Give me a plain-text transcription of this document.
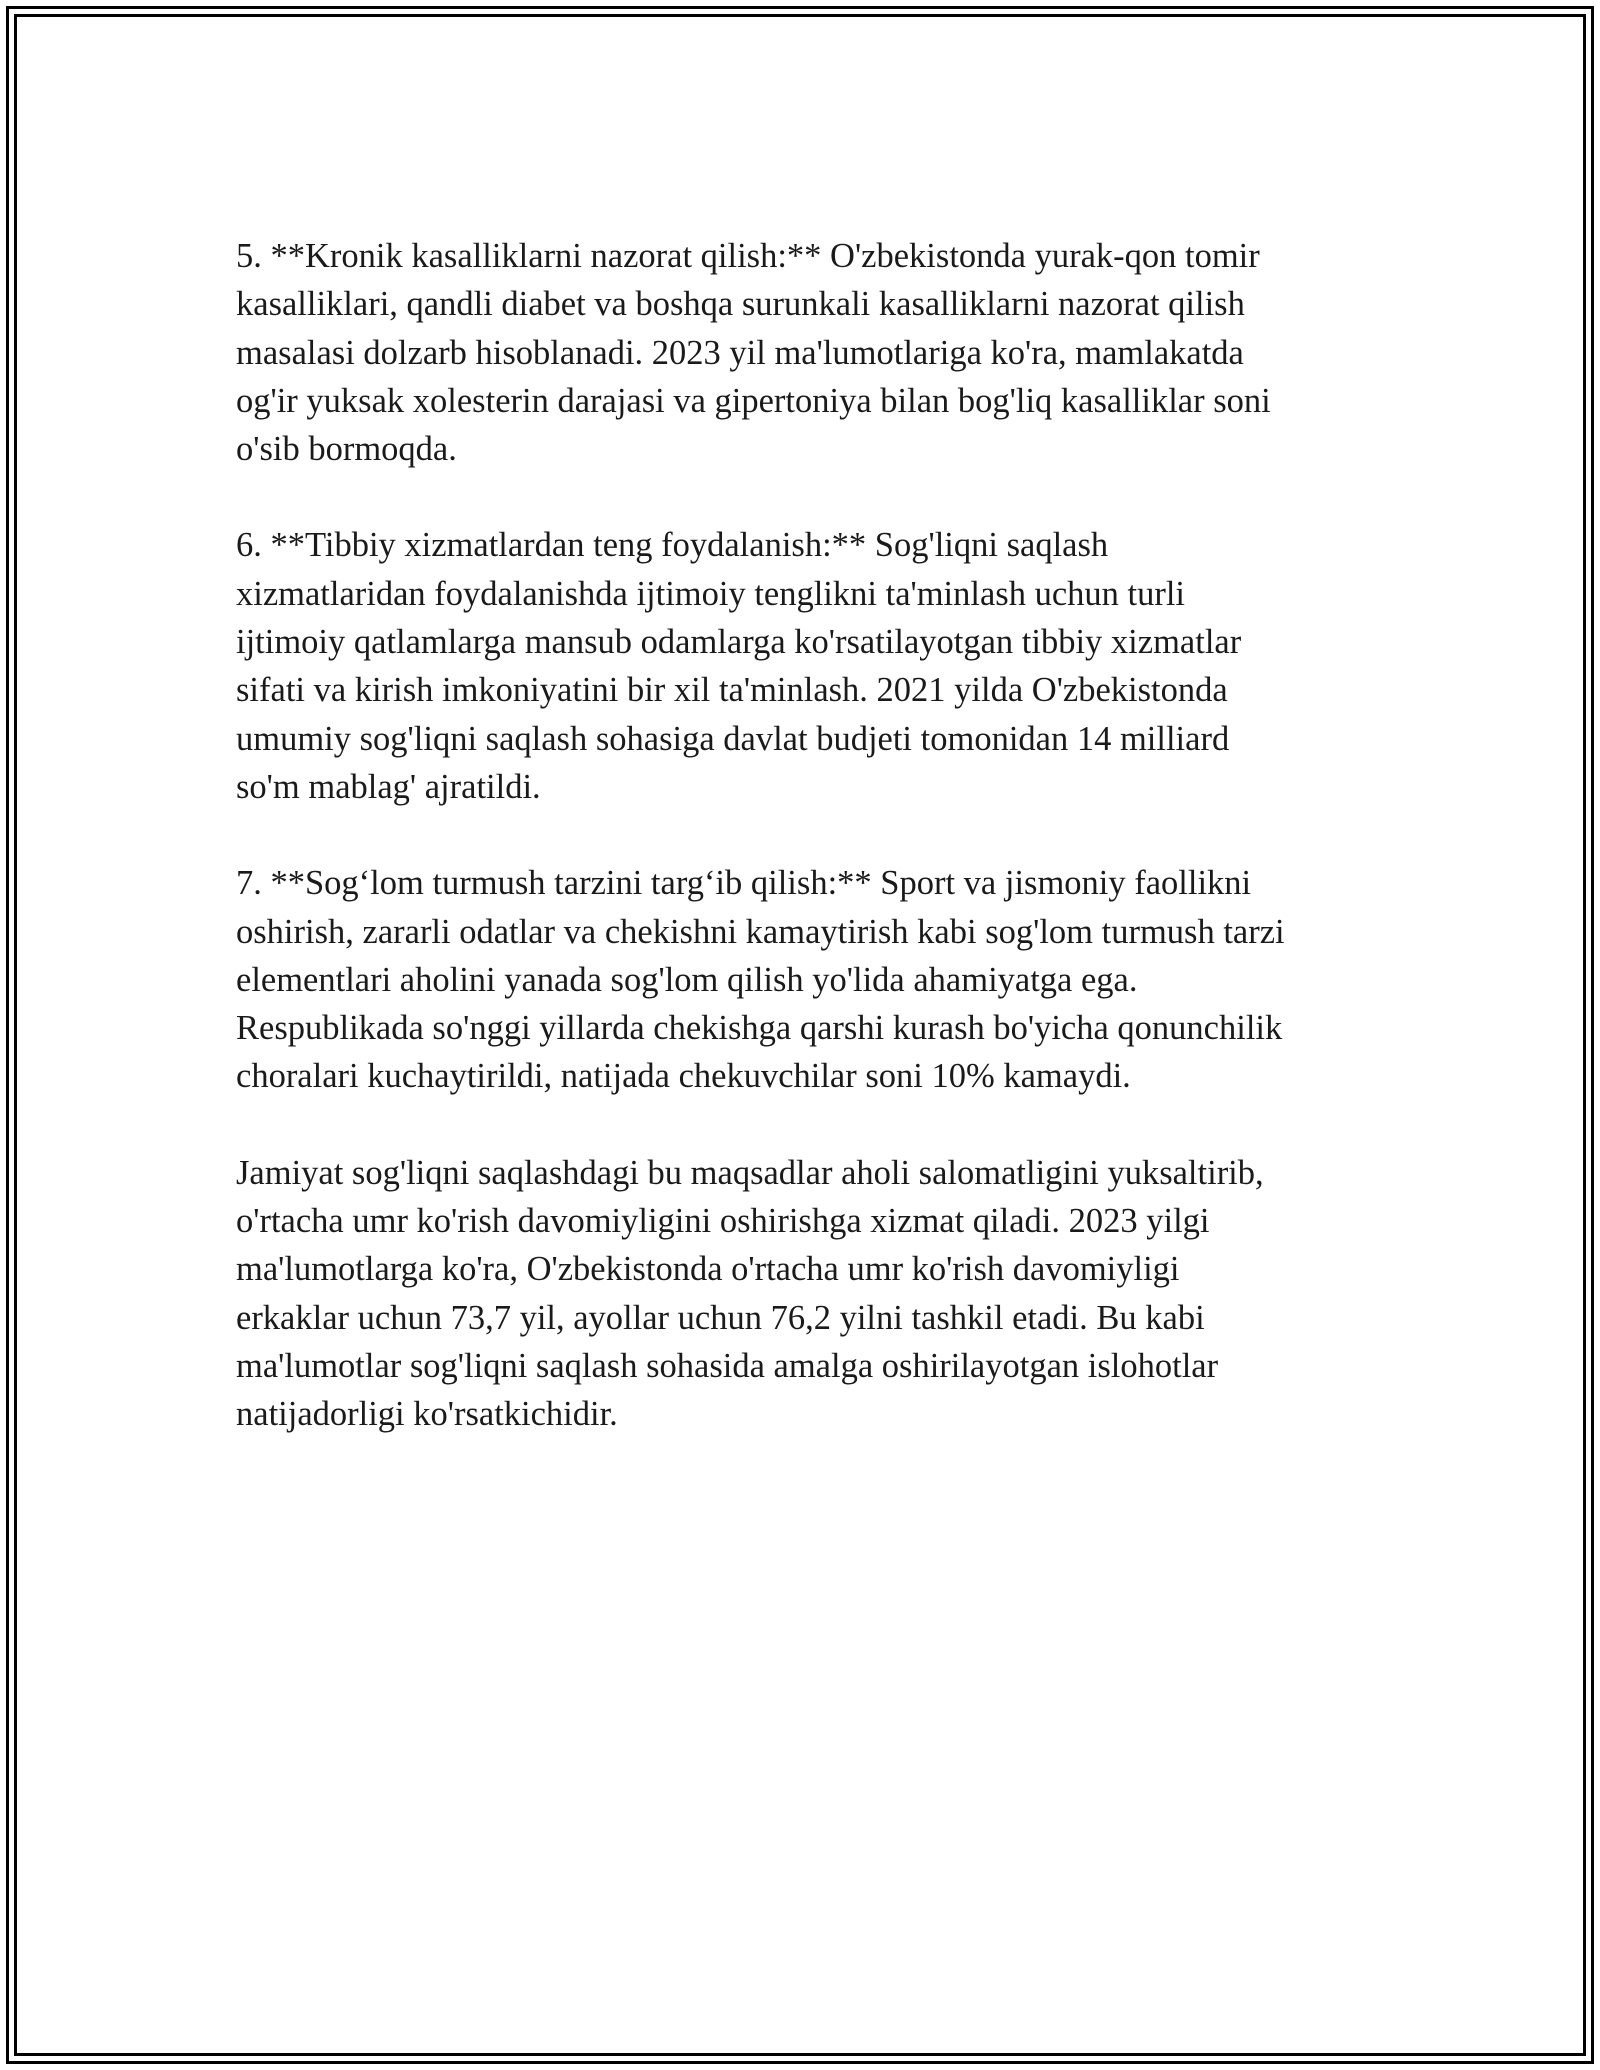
5. **Kronik kasalliklarni nazorat qilish:** O'zbekistonda yurak-qon tomir
kasalliklari, qandli diabet va boshqa surunkali kasalliklarni nazorat qilish
masalasi dolzarb hisoblanadi. 2023 yil ma'lumotlariga ko'ra, mamlakatda
og'ir yuksak xolesterin darajasi va gipertoniya bilan bog'liq kasalliklar soni
o'sib bormoqda.

6. **Tibbiy xizmatlardan teng foydalanish:** Sog'liqni saqlash
xizmatlaridan foydalanishda ijtimoiy tenglikni ta'minlash uchun turli
ijtimoiy qatlamlarga mansub odamlarga ko'rsatilayotgan tibbiy xizmatlar
sifati va kirish imkoniyatini bir xil ta'minlash. 2021 yilda O'zbekistonda
umumiy sog'liqni saqlash sohasiga davlat budjeti tomonidan 14 milliard
so'm mablag' ajratildi.

7. **Sog‘lom turmush tarzini targ‘ib qilish:** Sport va jismoniy faollikni
oshirish, zararli odatlar va chekishni kamaytirish kabi sog'lom turmush tarzi
elementlari aholini yanada sog'lom qilish yo'lida ahamiyatga ega.
Respublikada so'nggi yillarda chekishga qarshi kurash bo'yicha qonunchilik
choralari kuchaytirildi, natijada chekuvchilar soni 10% kamaydi.

Jamiyat sog'liqni saqlashdagi bu maqsadlar aholi salomatligini yuksaltirib,
o'rtacha umr ko'rish davomiyligini oshirishga xizmat qiladi. 2023 yilgi
ma'lumotlarga ko'ra, O'zbekistonda o'rtacha umr ko'rish davomiyligi
erkaklar uchun 73,7 yil, ayollar uchun 76,2 yilni tashkil etadi. Bu kabi
ma'lumotlar sog'liqni saqlash sohasida amalga oshirilayotgan islohotlar
natijadorligi ko'rsatkichidir.
